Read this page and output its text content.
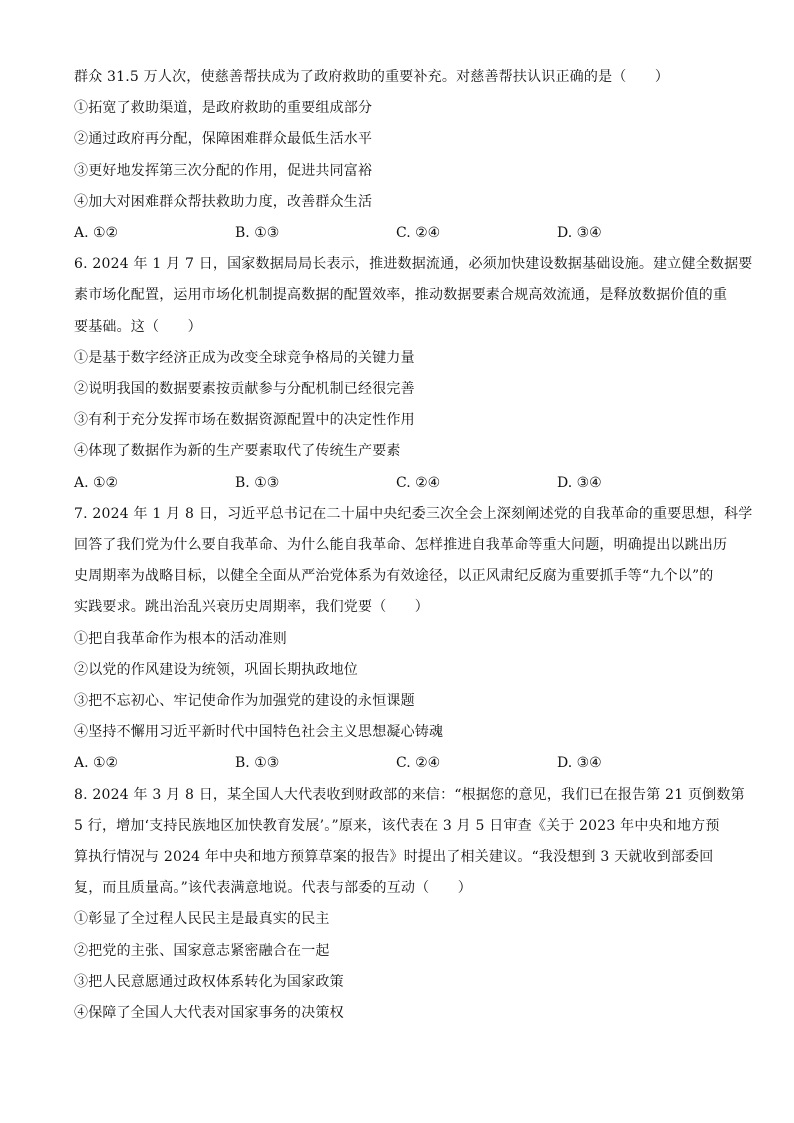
群众 31.5 万人次，使慈善帮扶成为了政府救助的重要补充。对慈善帮扶认识正确的是（　　）
①拓宽了救助渠道，是政府救助的重要组成部分
②通过政府再分配，保障困难群众最低生活水平
③更好地发挥第三次分配的作用，促进共同富裕
④加大对困难群众帮扶救助力度，改善群众生活
A. ①②	B. ①③	C. ②④	D. ③④
6. 2024 年 1 月 7 日，国家数据局局长表示，推进数据流通，必须加快建设数据基础设施。建立健全数据要
素市场化配置，运用市场化机制提高数据的配置效率，推动数据要素合规高效流通，是释放数据价值的重
要基础。这（　　）
①是基于数字经济正成为改变全球竞争格局的关键力量
②说明我国的数据要素按贡献参与分配机制已经很完善
③有利于充分发挥市场在数据资源配置中的决定性作用
④体现了数据作为新的生产要素取代了传统生产要素
A. ①②	B. ①③	C. ②④	D. ③④
7. 2024 年 1 月 8 日，习近平总书记在二十届中央纪委三次全会上深刻阐述党的自我革命的重要思想，科学
回答了我们党为什么要自我革命、为什么能自我革命、怎样推进自我革命等重大问题，明确提出以跳出历
史周期率为战略目标，以健全全面从严治党体系为有效途径，以正风肃纪反腐为重要抓手等“九个以”的
实践要求。跳出治乱兴衰历史周期率，我们党要（　　）
①把自我革命作为根本的活动准则
②以党的作风建设为统领，巩固长期执政地位
③把不忘初心、牢记使命作为加强党的建设的永恒课题
④坚持不懈用习近平新时代中国特色社会主义思想凝心铸魂
A. ①②	B. ①③	C. ②④	D. ③④
8. 2024 年 3 月 8 日，某全国人大代表收到财政部的来信：“根据您的意见，我们已在报告第 21 页倒数第
5 行，增加‘支持民族地区加快教育发展’。”原来，该代表在 3 月 5 日审查《关于 2023 年中央和地方预
算执行情况与 2024 年中央和地方预算草案的报告》时提出了相关建议。“我没想到 3 天就收到部委回
复，而且质量高。”该代表满意地说。代表与部委的互动（　　）
①彰显了全过程人民民主是最真实的民主
②把党的主张、国家意志紧密融合在一起
③把人民意愿通过政权体系转化为国家政策
④保障了全国人大代表对国家事务的决策权
